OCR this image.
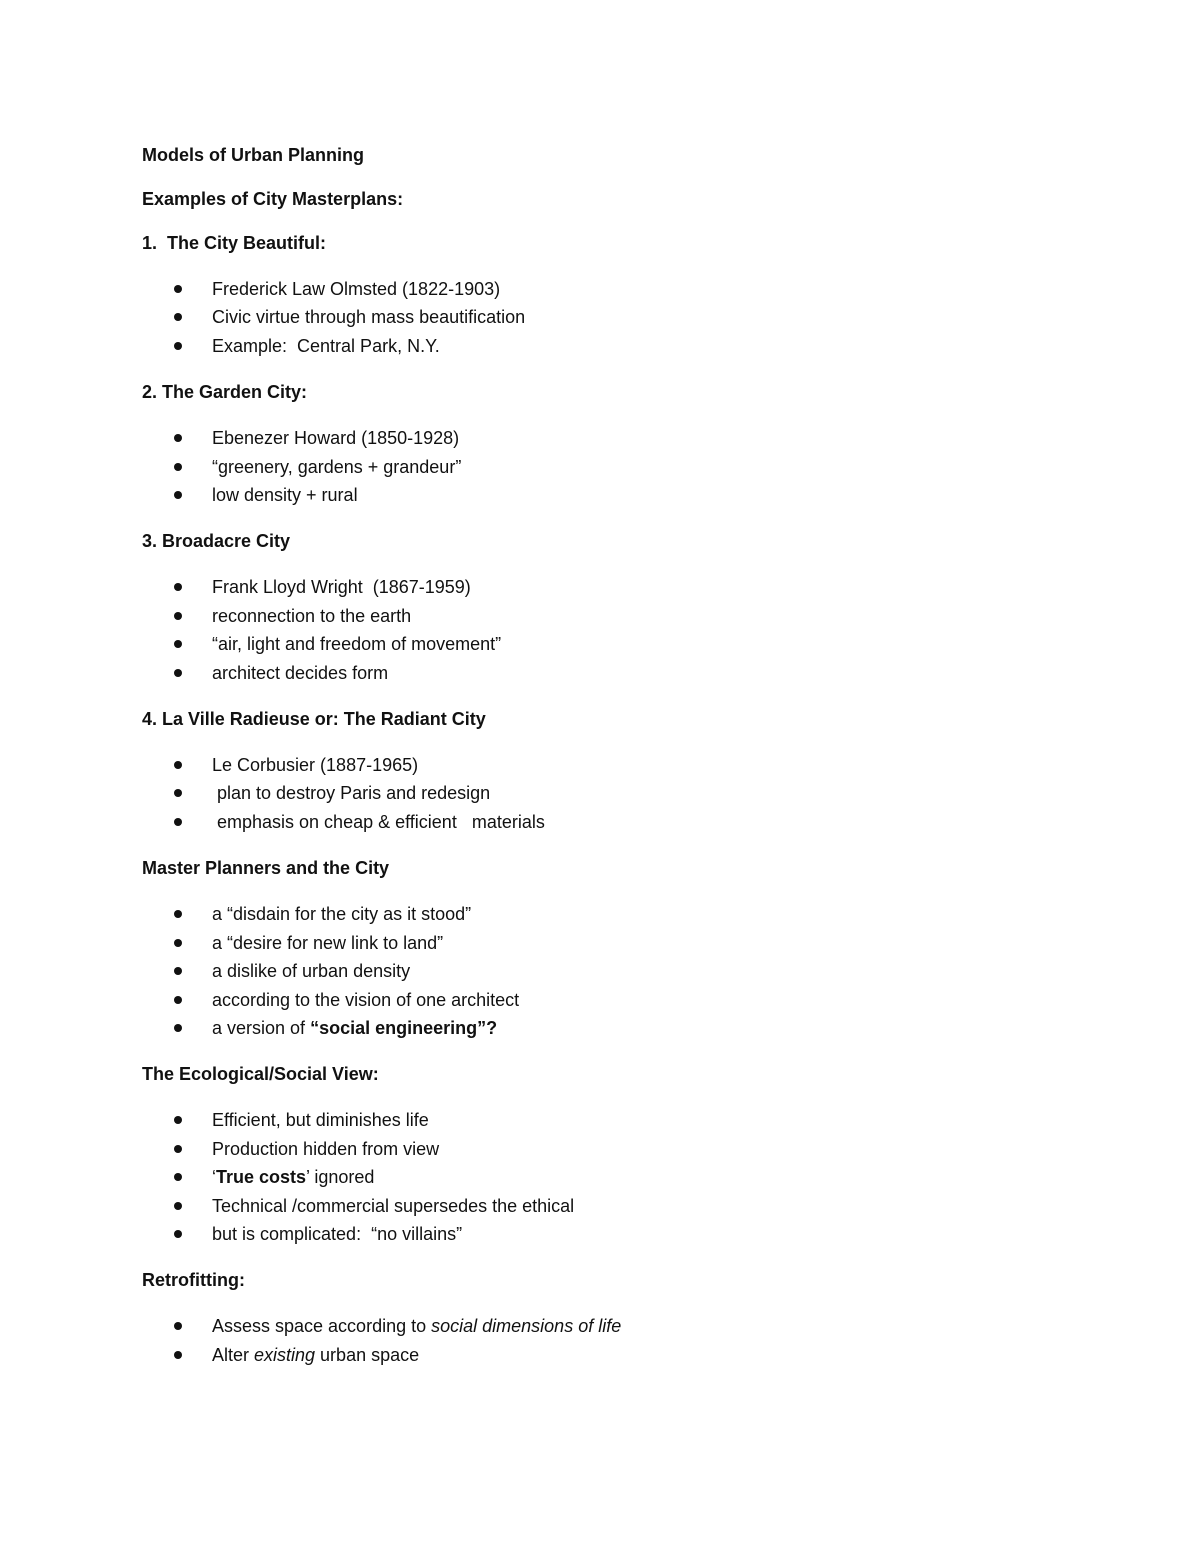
Models of Urban Planning

Examples of City Masterplans:

1.  The City Beautiful:

Frederick Law Olmsted (1822-1903)
Civic virtue through mass beautification
Example:  Central Park, N.Y.

2. The Garden City:

Ebenezer Howard (1850-1928)
“greenery, gardens + grandeur”
low density + rural

3. Broadacre City

Frank Lloyd Wright  (1867-1959)
reconnection to the earth
“air, light and freedom of movement”
architect decides form

4. La Ville Radieuse or: The Radiant City

Le Corbusier (1887-1965)
plan to destroy Paris and redesign
emphasis on cheap & efficient   materials

Master Planners and the City

a “disdain for the city as it stood”
a “desire for new link to land”
a dislike of urban density
according to the vision of one architect
a version of “social engineering”?

The Ecological/Social View:

Efficient, but diminishes life
Production hidden from view
‘True costs’ ignored
Technical /commercial supersedes the ethical
but is complicated:  “no villains”

Retrofitting:

Assess space according to social dimensions of life
Alter existing urban space
